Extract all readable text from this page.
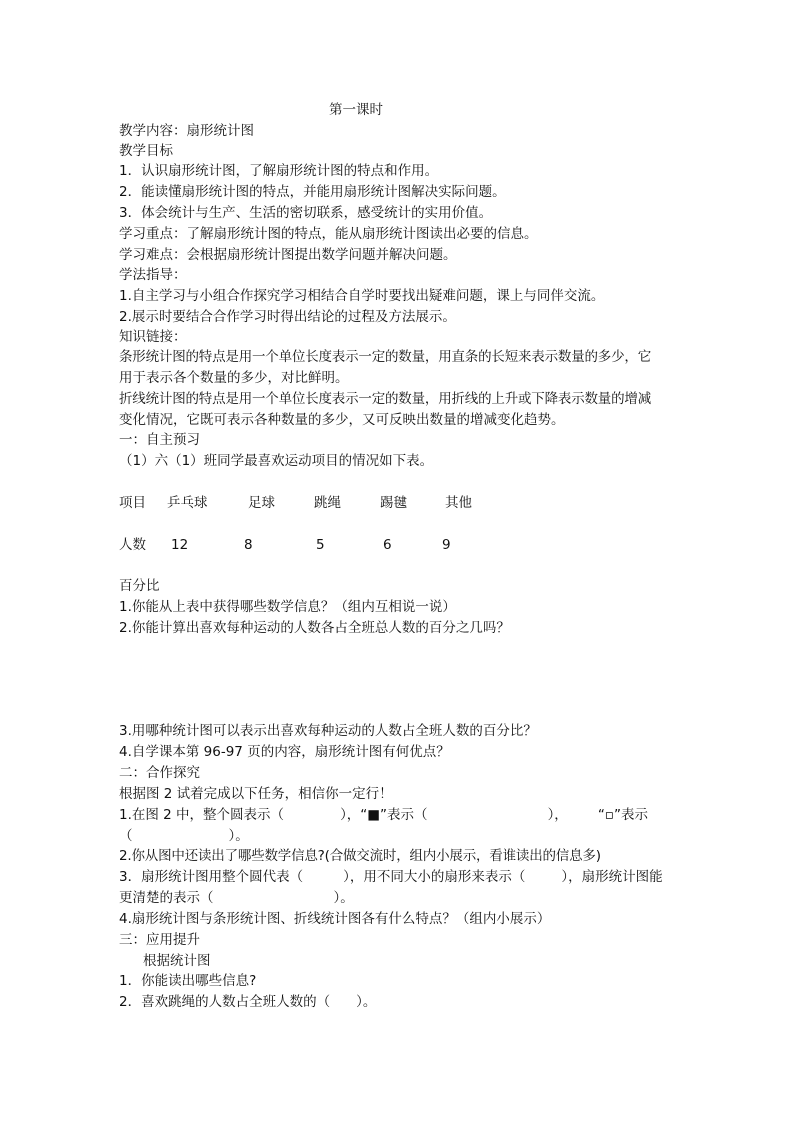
第一课时

教学内容：扇形统计图

教学目标

1．认识扇形统计图，了解扇形统计图的特点和作用。

2．能读懂扇形统计图的特点，并能用扇形统计图解决实际问题。

3．体会统计与生产、生活的密切联系，感受统计的实用价值。

学习重点：了解扇形统计图的特点，能从扇形统计图读出必要的信息。

学习难点：会根据扇形统计图提出数学问题并解决问题。

学法指导：

1.自主学习与小组合作探究学习相结合自学时要找出疑难问题，课上与同伴交流。

2.展示时要结合合作学习时得出结论的过程及方法展示。

知识链接：

条形统计图的特点是用一个单位长度表示一定的数量，用直条的长短来表示数量的多少，它

用于表示各个数量的多少，对比鲜明。

折线统计图的特点是用一个单位长度表示一定的数量，用折线的上升或下降表示数量的增减

变化情况，它既可表示各种数量的多少，又可反映出数量的增减变化趋势。

一：自主预习

（1）六（1）班同学最喜欢运动项目的情况如下表。

项目 乒乓球	足球	跳绳	踢毽	其他
人数 12	8	5	6	9

百分比

1.你能从上表中获得哪些数学信息？（组内互相说一说）

2.你能计算出喜欢每种运动的人数各占全班总人数的百分之几吗？

3.用哪种统计图可以表示出喜欢每种运动的人数占全班人数的百分比？

4.自学课本第 96-97 页的内容，扇形统计图有何优点？

二：合作探究

根据图 2 试着完成以下任务，相信你一定行！

1.在图 2 中，整个圆表示（	），“■”表示（	）， “▫”表示

（	）。

2.你从图中还读出了哪些数学信息?(合做交流时，组内小展示，看谁读出的信息多)

3．扇形统计图用整个圆代表（	），用不同大小的扇形来表示（	），扇形统计图能

更清楚的表示（	）。

4.扇形统计图与条形统计图、折线统计图各有什么特点？（组内小展示）

三：应用提升

根据统计图

1．你能读出哪些信息?

2．喜欢跳绳的人数占全班人数的（ ）。
